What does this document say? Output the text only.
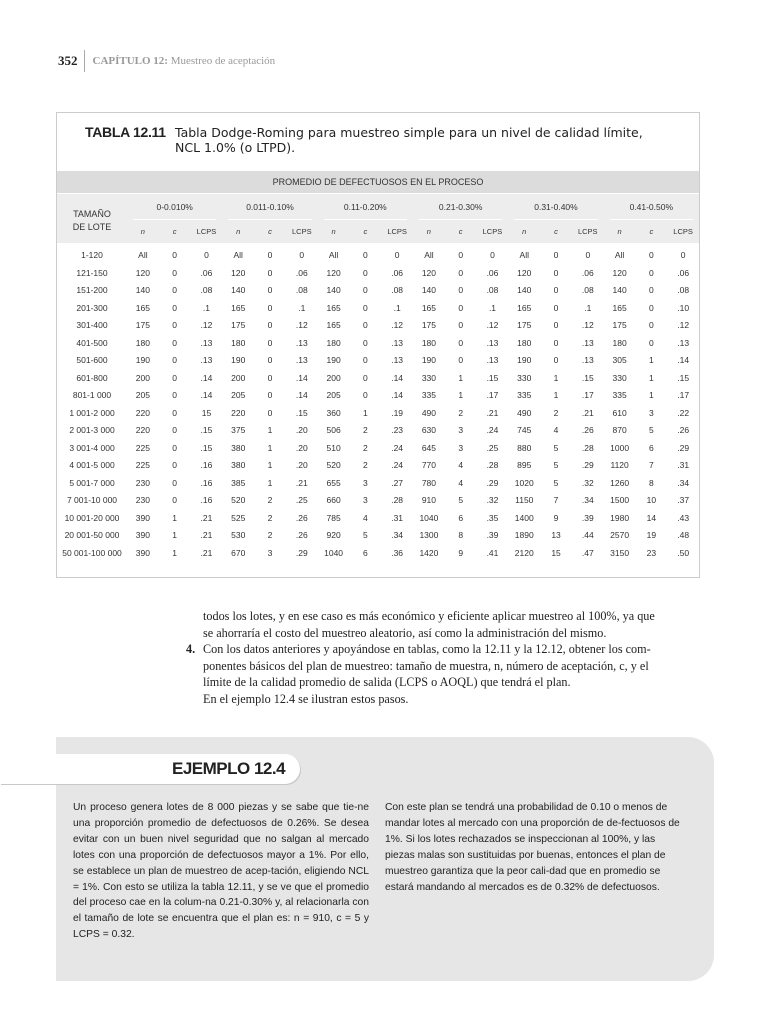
352 CAPÍTULO 12: Muestreo de aceptación
TABLA 12.11 Tabla Dodge-Roming para muestreo simple para un nivel de calidad límite,
NCL 1.0% (o LTPD).
PROMEDIO DE DEFECTUOSOS EN EL PROCESO
TAMAÑO
DE LOTE
0-0.010%
n	c	LCPS
0.011-0.10%
n	c	LCPS
0.11-0.20%
n	c	LCPS
0.21-0.30%
n	c	LCPS
0.31-0.40%
n	c	LCPS
0.41-0.50%
n	c	LCPS
1-120	All	0	0	All	0	0	All	0	0	All	0	0	All	0	0	All	0	0
121-150	120	0	.06	120	0	.06	120	0	.06	120	0	.06	120	0	.06	120	0	.06
151-200	140	0	.08	140	0	.08	140	0	.08	140	0	.08	140	0	.08	140	0	.08
201-300	165	0	.1	165	0	.1	165	0	.1	165	0	.1	165	0	.1	165	0	.10
301-400	175	0	.12	175	0	.12	165	0	.12	175	0	.12	175	0	.12	175	0	.12
401-500	180	0	.13	180	0	.13	180	0	.13	180	0	.13	180	0	.13	180	0	.13
501-600	190	0	.13	190	0	.13	190	0	.13	190	0	.13	190	0	.13	305	1	.14
601-800	200	0	.14	200	0	.14	200	0	.14	330	1	.15	330	1	.15	330	1	.15
801-1 000	205	0	.14	205	0	.14	205	0	.14	335	1	.17	335	1	.17	335	1	.17
1 001-2 000	220	0	15	220	0	.15	360	1	.19	490	2	.21	490	2	.21	610	3	.22
2 001-3 000	220	0	.15	375	1	.20	506	2	.23	630	3	.24	745	4	.26	870	5	.26
3 001-4 000	225	0	.15	380	1	.20	510	2	.24	645	3	.25	880	5	.28	1000	6	.29
4 001-5 000	225	0	.16	380	1	.20	520	2	.24	770	4	.28	895	5	.29	1120	7	.31
5 001-7 000	230	0	.16	385	1	.21	655	3	.27	780	4	.29	1020	5	.32	1260	8	.34
7 001-10 000	230	0	.16	520	2	.25	660	3	.28	910	5	.32	1150	7	.34	1500	10	.37
10 001-20 000	390	1	.21	525	2	.26	785	4	.31	1040	6	.35	1400	9	.39	1980	14	.43
20 001-50 000	390	1	.21	530	2	.26	920	5	.34	1300	8	.39	1890	13	.44	2570	19	.48
50 001-100 000	390	1	.21	670	3	.29	1040	6	.36	1420	9	.41	2120	15	.47	3150	23	.50

todos los lotes, y en ese caso es más económico y eficiente aplicar muestreo al 100%, ya que

se ahorraría el costo del muestreo aleatorio, así como la administración del mismo.

4. Con los datos anteriores y apoyándose en tablas, como la 12.11 y la 12.12, obtener los com-

ponentes básicos del plan de muestreo: tamaño de muestra, n, número de aceptación, c, y el

límite de la calidad promedio de salida (LCPS o AOQL) que tendrá el plan.

En el ejemplo 12.4 se ilustran estos pasos.

EJEMPLO 12.4
Un proceso genera lotes de 8 000 piezas y se sabe que tie-ne una proporción promedio de defectuosos de 0.26%. Se desea evitar con un buen nivel seguridad que no salgan al mercado lotes con una proporción de defectuosos mayor a 1%. Por ello, se establece un plan de muestreo de acep-tación, eligiendo NCL = 1%. Con esto se utiliza la tabla 12.11, y se ve que el promedio del proceso cae en la colum-na 0.21-0.30% y, al relacionarla con el tamaño de lote se encuentra que el plan es: n = 910, c = 5 y LCPS = 0.32.
Con este plan se tendrá una probabilidad de 0.10 o menos de mandar lotes al mercado con una proporción de de-fectuosos de 1%. Si los lotes rechazados se inspeccionan al 100%, y las piezas malas son sustituidas por buenas, entonces el plan de muestreo garantiza que la peor cali-dad que en promedio se estará mandando al mercados es de 0.32% de defectuosos.
